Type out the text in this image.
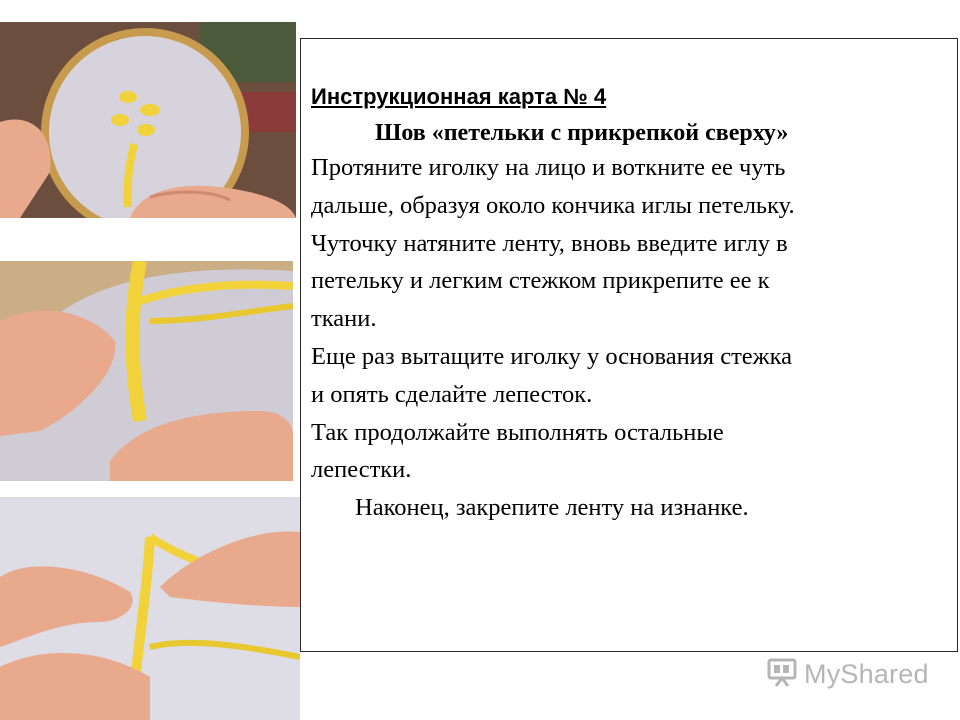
Инструкционная карта № 4

Шов «петельки с прикрепкой сверху»

Протяните иголку на лицо и воткните ее чуть

дальше, образуя около кончика иглы петельку.

Чуточку натяните ленту, вновь введите иглу в

петельку и легким стежком прикрепите ее к

ткани.

Еще раз вытащите иголку у основания стежка

и опять сделайте лепесток.

Так продолжайте выполнять остальные

лепестки.

Наконец, закрепите ленту на изнанке.

MyShared
